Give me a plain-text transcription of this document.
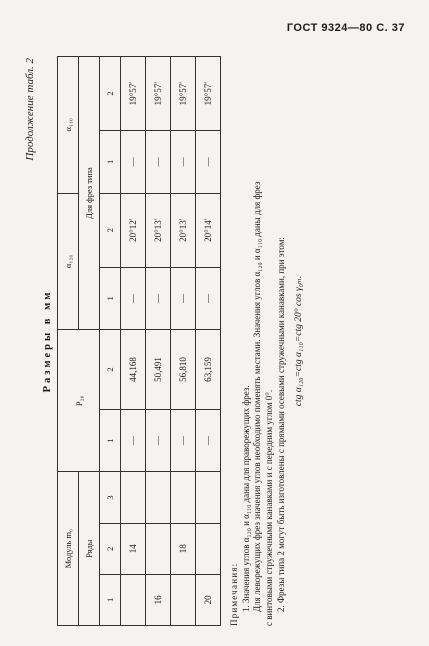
ГОСТ 9324—80 С. 37
Продолжение табл. 2
Размеры в мм
Модуль m₀			P₂₀		α₁₂₀		α₁₁₀	
Ряды					Для фрез типа			
1	2	3	1	2	1	2	1	2
	14		—	44,168	—	20°12′	—	19°57′
16			—	50,491	—	20°13′	—	19°57′
	18		—	56,810	—	20°13′	—	19°57′
20			—	63,159	—	20°14′	—	19°57′
Примечания: 1. Значения углов α₁₂₀ и α₁₁₀ даны для праворежущих фрез. Для леворежущих фрез значения углов необходимо поменять местами. Значения углов α₁₂₀ и α₁₁₀ даны для фрез с винтовыми стружечными канавками и с передним углом 0°. 2. Фрезы типа 2 могут быть изготовлены с прямыми осевыми стружечными канавками, при этом: ctg α₁₂₀=ctg α₁₁₀=ctg 20° cos γ₀ₘ.
